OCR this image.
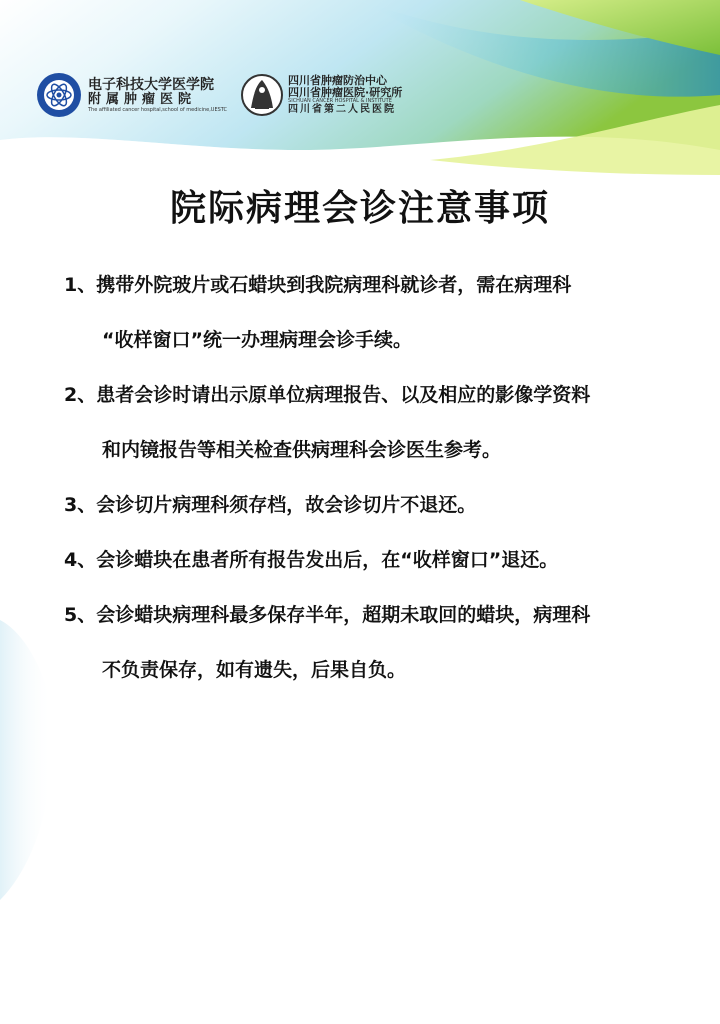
电子科技大学医学院
附属肿瘤医院
The affiliated cancer hospital,school of medicine,UESTC
四川省肿瘤防治中心
四川省肿瘤医院·研究所
SICHUAN CANCER HOSPITAL & INSTITUTE
四川省第二人民医院
院际病理会诊注意事项
1、携带外院玻片或石蜡块到我院病理科就诊者，需在病理科
“收样窗口”统一办理病理会诊手续。
2、患者会诊时请出示原单位病理报告、以及相应的影像学资料
和内镜报告等相关检查供病理科会诊医生参考。
3、会诊切片病理科须存档，故会诊切片不退还。
4、会诊蜡块在患者所有报告发出后，在“收样窗口”退还。
5、会诊蜡块病理科最多保存半年，超期未取回的蜡块，病理科
不负责保存，如有遗失，后果自负。
